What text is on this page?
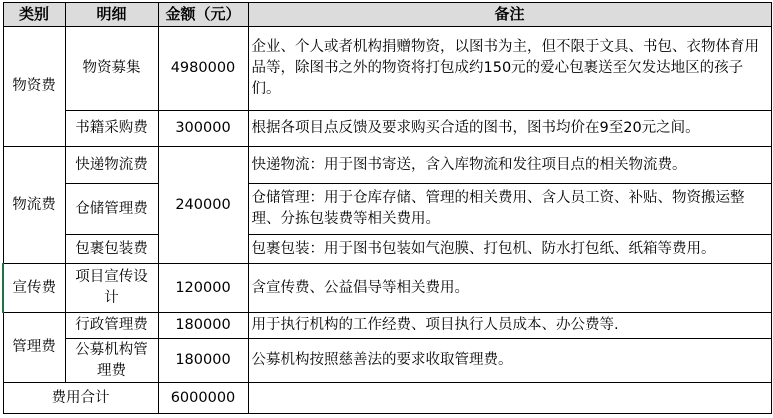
类别	明细	金额（元）	备注
物资费	物资募集	4980000	企业、个人或者机构捐赠物资，以图书为主，但不限于文具、书包、衣物体育用品等，除图书之外的物资将打包成约150元的爱心包裹送至欠发达地区的孩子们。
	书籍采购费	300000	根据各项目点反馈及要求购买合适的图书，图书均价在9至20元之间。
物流费	快递物流费	240000	快递物流：用于图书寄送，含入库物流和发往项目点的相关物流费。
	仓储管理费		仓储管理：用于仓库存储、管理的相关费用、含人员工资、补贴、物资搬运整理、分拣包装费等相关费用。
	包裹包装费		包裹包装：用于图书包装如气泡膜、打包机、防水打包纸、纸箱等费用。
宣传费	项目宣传设计	120000	含宣传费、公益倡导等相关费用。
管理费	行政管理费	180000	用于执行机构的工作经费、项目执行人员成本、办公费等.
	公募机构管理费	180000	公募机构按照慈善法的要求收取管理费。
费用合计		6000000	
